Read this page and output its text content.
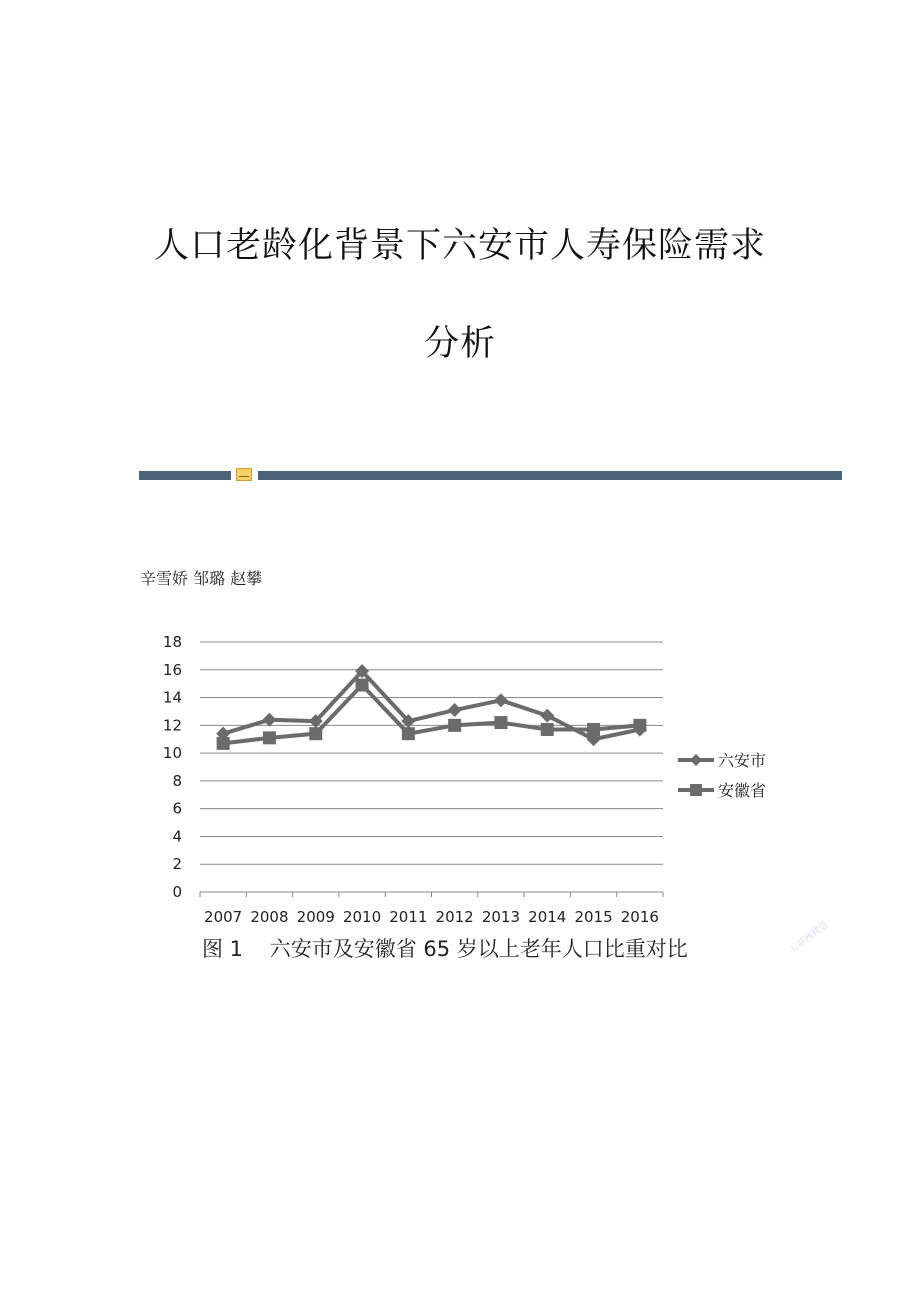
人口老龄化背景下六安市人寿保险需求
分析
辛雪娇 邹璐 赵攀
0
2
4
6
8
10
12
14
16
18
2007 2008 2009 2010 2011 2012 2013 2014 2015 2016
六安市
安徽省
图 1    六安市及安徽省 65 岁以上老年人口比重对比	互联网精选
